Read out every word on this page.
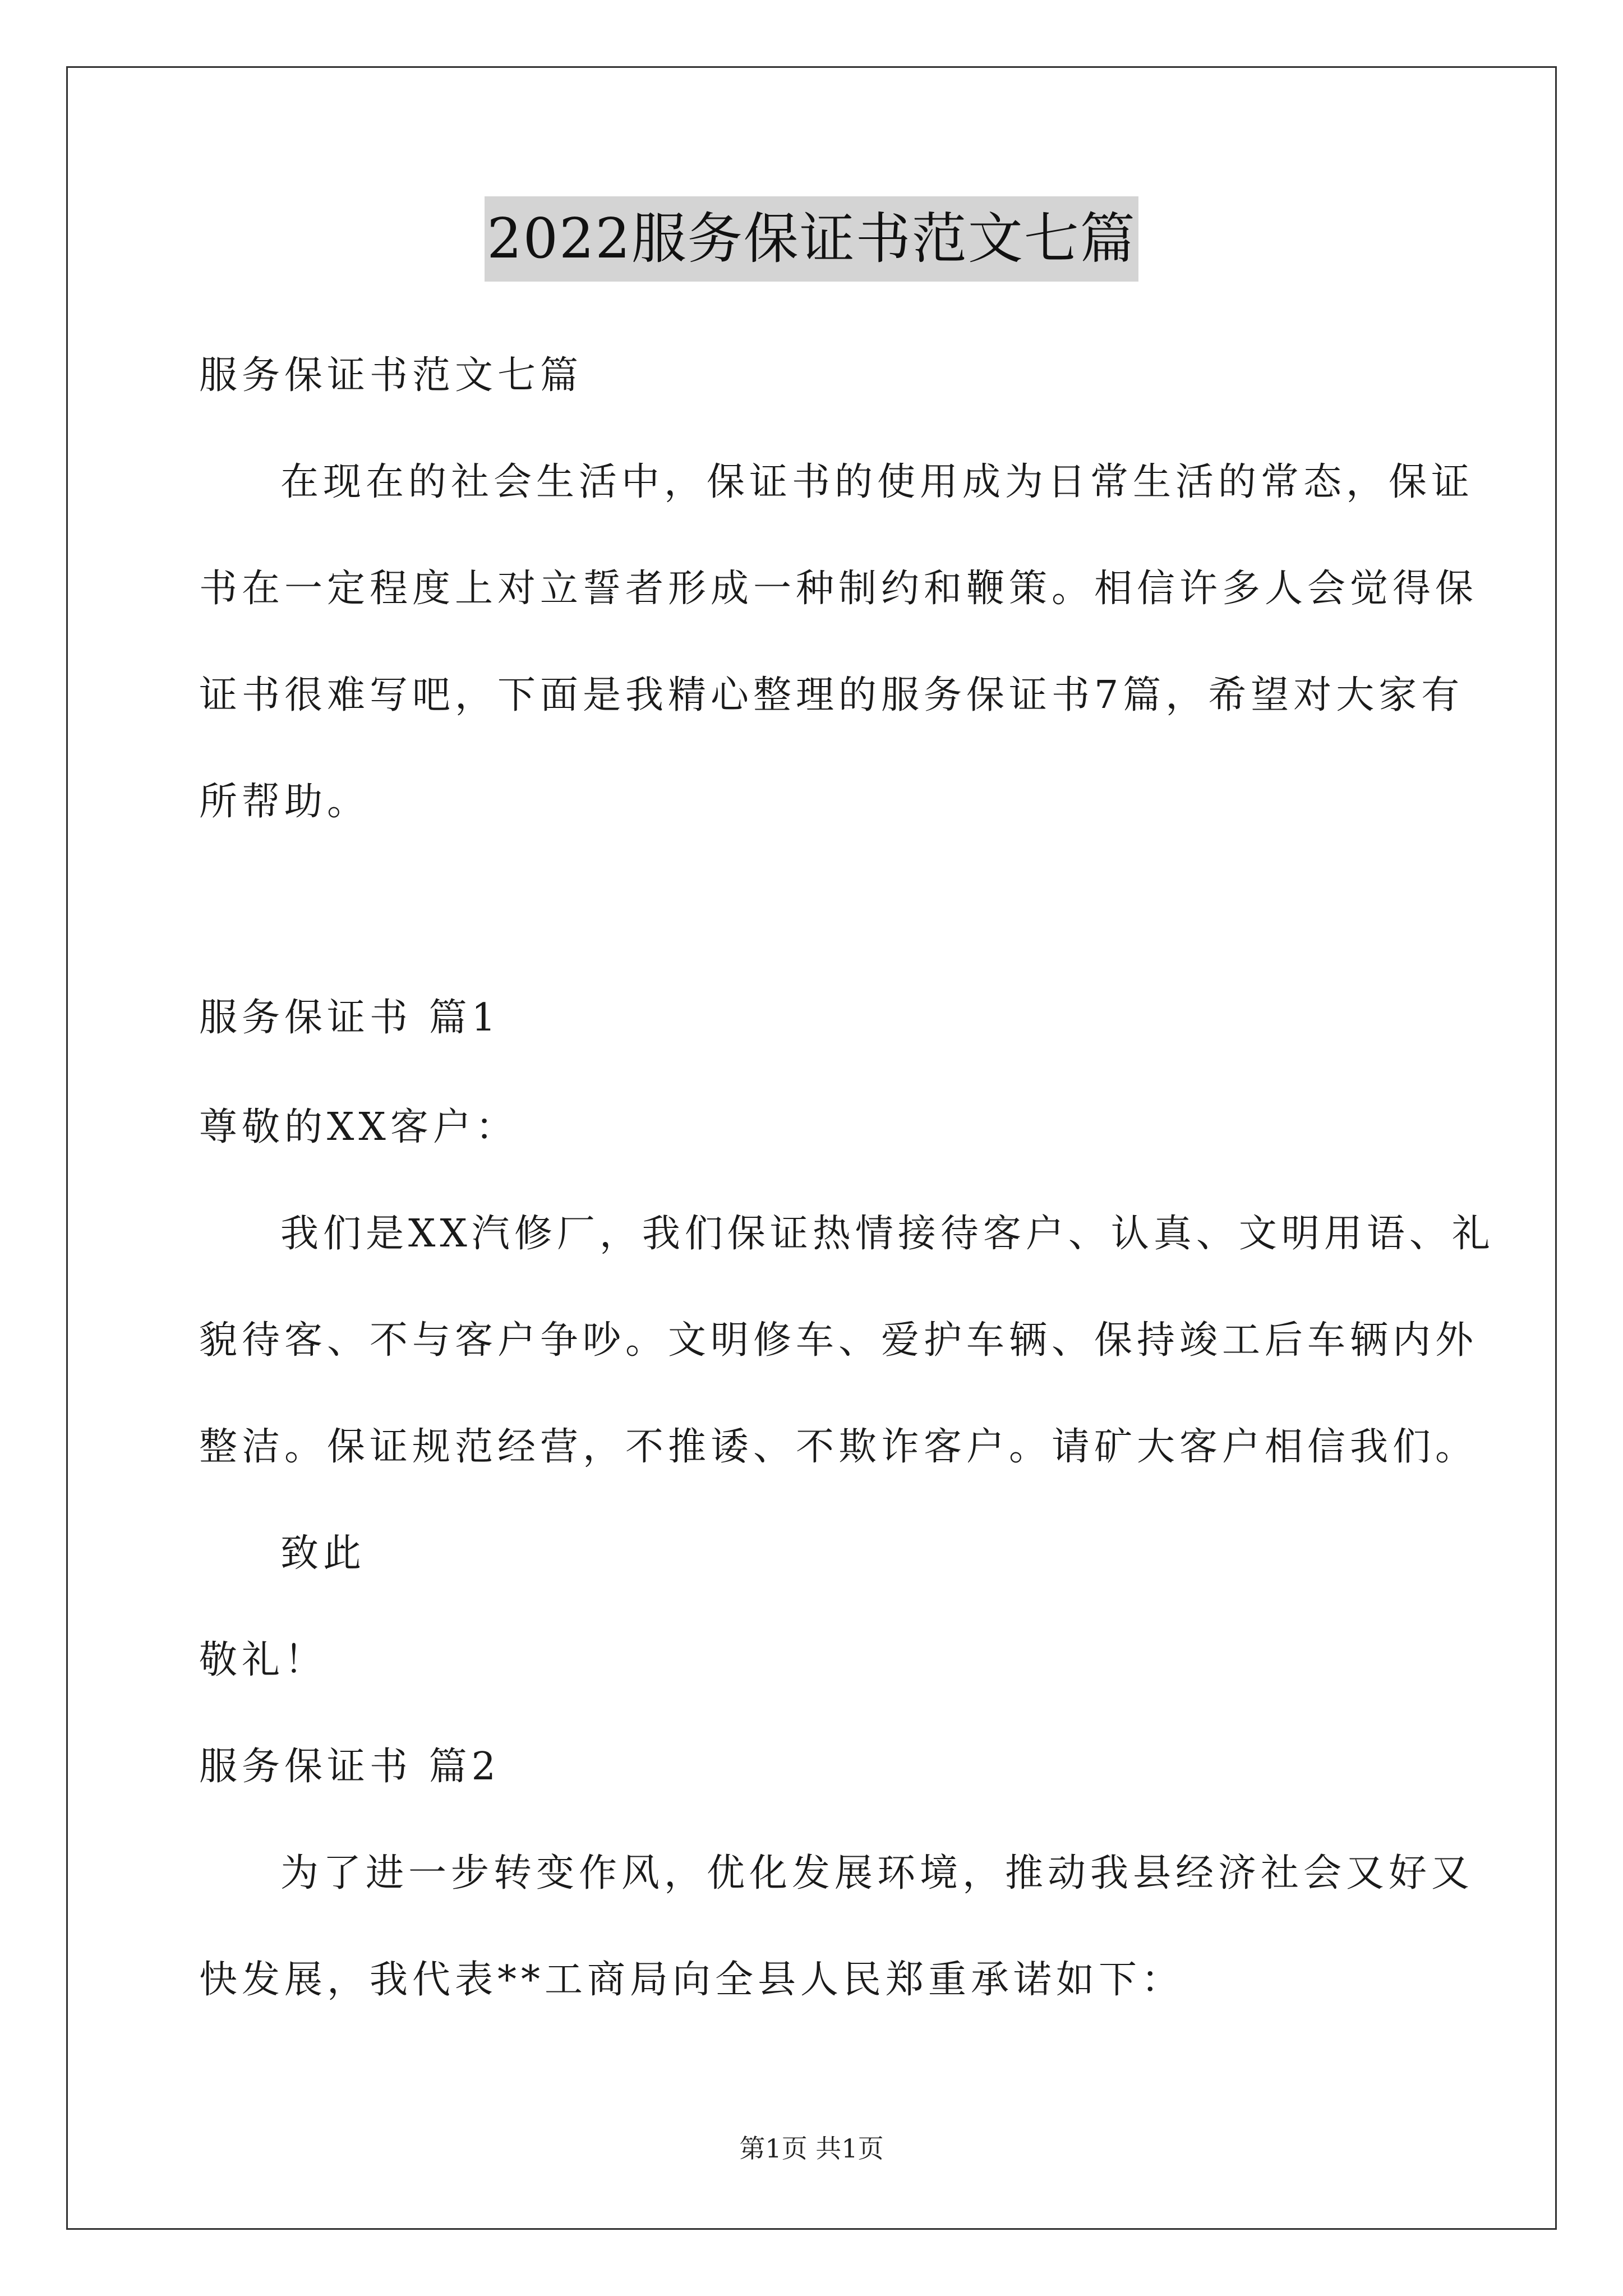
2022服务保证书范文七篇
服务保证书范文七篇
在现在的社会生活中，保证书的使用成为日常生活的常态，保证
书在一定程度上对立誓者形成一种制约和鞭策。相信许多人会觉得保
证书很难写吧，下面是我精心整理的服务保证书7篇，希望对大家有
所帮助。
服务保证书 篇1
尊敬的XX客户：
我们是XX汽修厂，我们保证热情接待客户、认真、文明用语、礼
貌待客、不与客户争吵。文明修车、爱护车辆、保持竣工后车辆内外
整洁。保证规范经营，不推诿、不欺诈客户。请矿大客户相信我们。
致此
敬礼！
服务保证书 篇2
为了进一步转变作风，优化发展环境，推动我县经济社会又好又
快发展，我代表**工商局向全县人民郑重承诺如下：
第1页 共1页
